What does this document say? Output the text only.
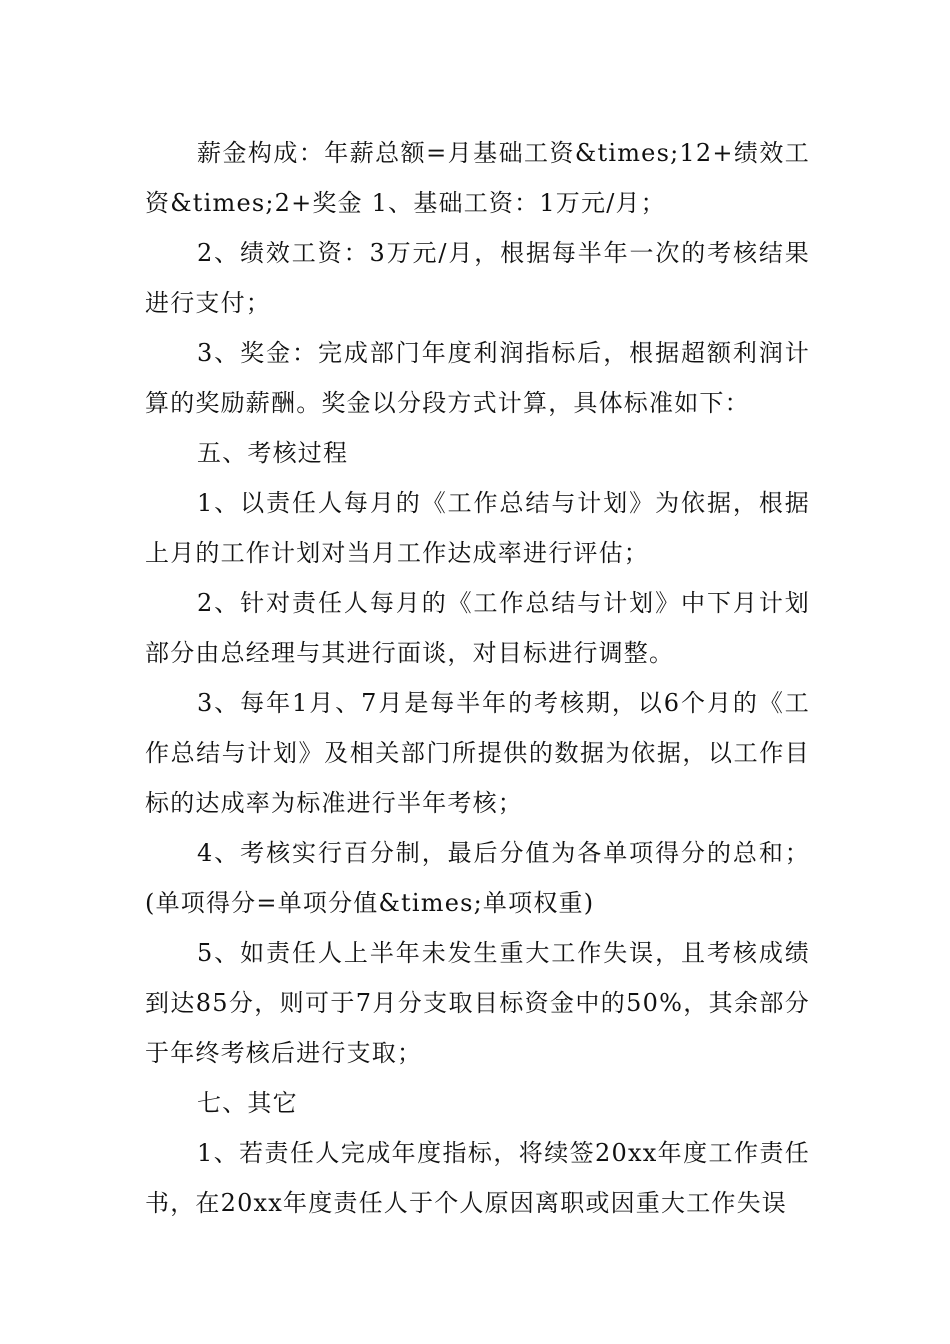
薪金构成：年薪总额=月基础工资&times;12+绩效工资&times;2+奖金 1、基础工资：1万元/月；

2、绩效工资：3万元/月，根据每半年一次的考核结果进行支付；

3、奖金：完成部门年度利润指标后，根据超额利润计算的奖励薪酬。奖金以分段方式计算，具体标准如下：

五、考核过程

1、以责任人每月的《工作总结与计划》为依据，根据上月的工作计划对当月工作达成率进行评估；

2、针对责任人每月的《工作总结与计划》中下月计划部分由总经理与其进行面谈，对目标进行调整。

3、每年1月、7月是每半年的考核期，以6个月的《工作总结与计划》及相关部门所提供的数据为依据，以工作目标的达成率为标准进行半年考核；

4、考核实行百分制，最后分值为各单项得分的总和；(单项得分=单项分值&times;单项权重)

5、如责任人上半年未发生重大工作失误，且考核成绩到达85分，则可于7月分支取目标资金中的50%，其余部分于年终考核后进行支取；

七、其它

1、若责任人完成年度指标，将续签20xx年度工作责任书，在20xx年度责任人于个人原因离职或因重大工作失误
